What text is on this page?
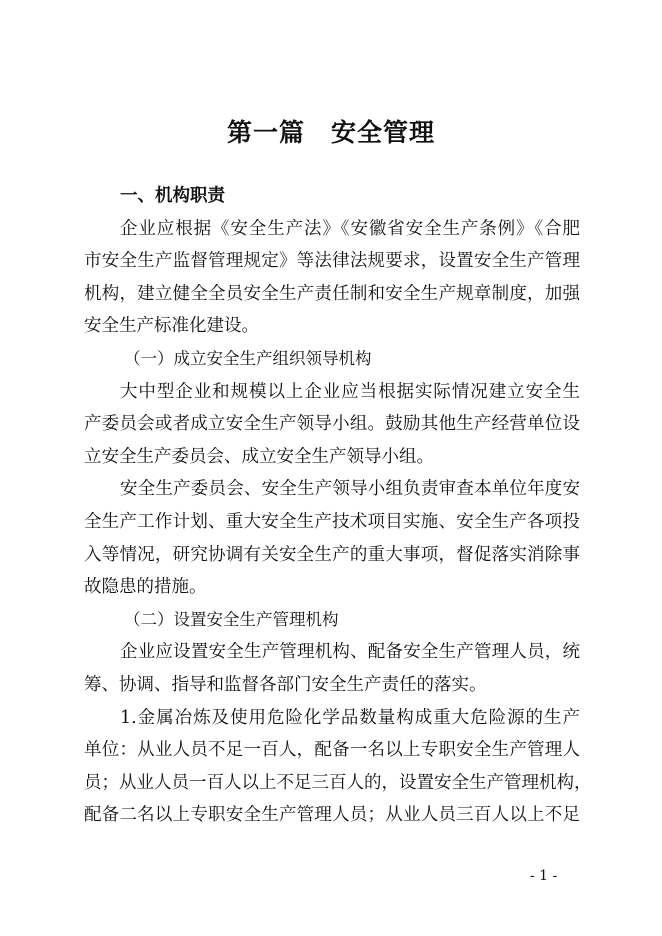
第一篇　安全管理
一、机构职责
企业应根据《安全生产法》《安徽省安全生产条例》《合肥
市安全生产监督管理规定》等法律法规要求，设置安全生产管理
机构，建立健全全员安全生产责任制和安全生产规章制度，加强
安全生产标准化建设。
（一）成立安全生产组织领导机构
大中型企业和规模以上企业应当根据实际情况建立安全生
产委员会或者成立安全生产领导小组。鼓励其他生产经营单位设
立安全生产委员会、成立安全生产领导小组。
安全生产委员会、安全生产领导小组负责审查本单位年度安
全生产工作计划、重大安全生产技术项目实施、安全生产各项投
入等情况，研究协调有关安全生产的重大事项，督促落实消除事
故隐患的措施。
（二）设置安全生产管理机构
企业应设置安全生产管理机构、配备安全生产管理人员，统
筹、协调、指导和监督各部门安全生产责任的落实。
1.金属冶炼及使用危险化学品数量构成重大危险源的生产
单位：从业人员不足一百人，配备一名以上专职安全生产管理人
员；从业人员一百人以上不足三百人的，设置安全生产管理机构，
配备二名以上专职安全生产管理人员；从业人员三百人以上不足
- 1 -
